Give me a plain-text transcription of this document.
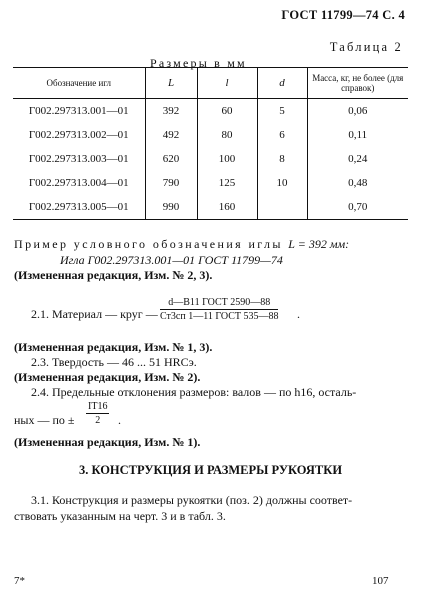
ГОСТ 11799—74 С. 4
Таблица 2
Размеры в мм
Обозначение игл	L	l	d	Масса, кг, не более (для справок)
Г002.297313.001—01	392	60	5	0,06
Г002.297313.002—01	492	80	6	0,11
Г002.297313.003—01	620	100	8	0,24
Г002.297313.004—01	790	125	10	0,48
Г002.297313.005—01	990	160		0,70
Пример условного обозначения иглы L = 392 мм:
Игла Г002.297313.001—01 ГОСТ 11799—74
(Измененная редакция, Изм. № 2, 3).
2.1. Материал — круг —
d—B11 ГОСТ 2590—88
Ст3сп 1—11 ГОСТ 535—88 .
(Измененная редакция, Изм. № 1, 3).
2.3. Твердость — 46 ... 51 HRCэ.
(Измененная редакция, Изм. № 2).
2.4. Предельные отклонения размеров: валов — по h16, осталь-
ных — по ± $\frac{IT16}{2}$ .
(Измененная редакция, Изм. № 1).
3. КОНСТРУКЦИЯ И РАЗМЕРЫ РУКОЯТКИ
3.1. Конструкция и размеры рукоятки (поз. 2) должны соответ-
ствовать указанным на черт. 3 и в табл. 3.
7*	107
